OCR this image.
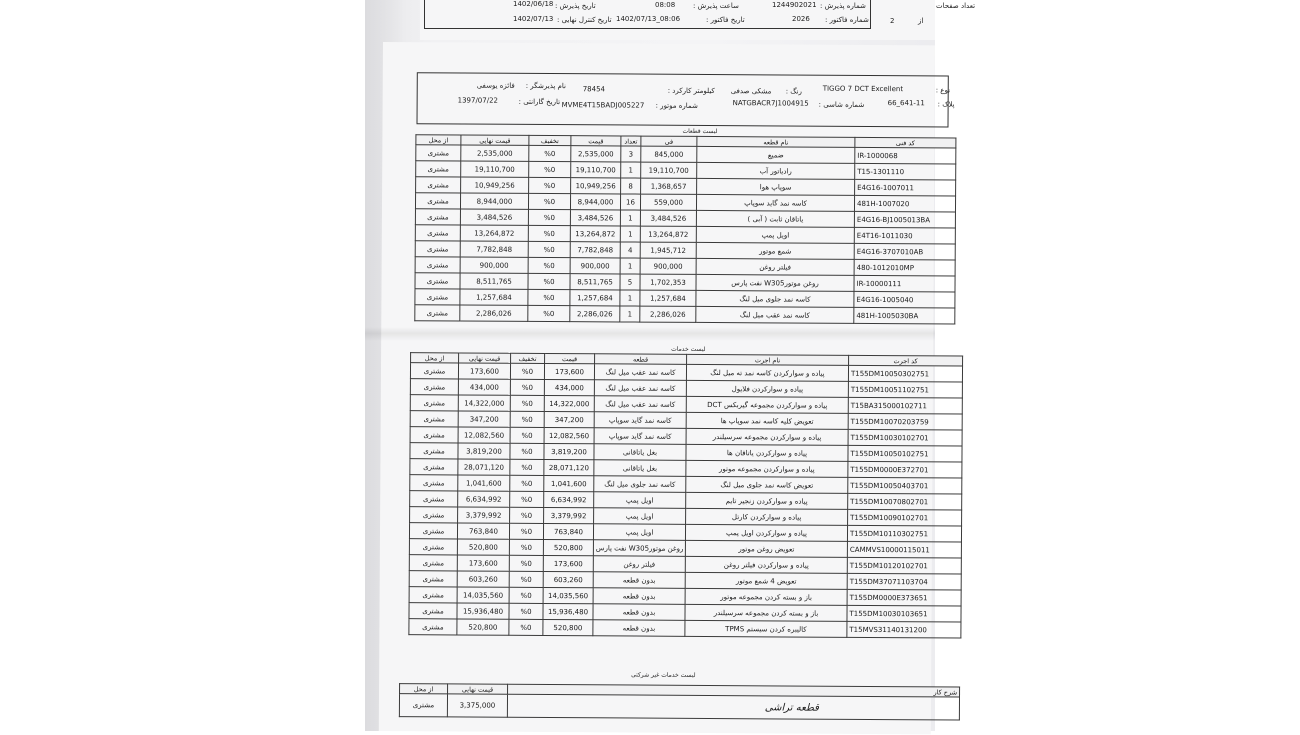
تعداد صفحات
از
2
شماره پذیرش :
1244902021
شماره فاکتور :
2026
ساعت پذیرش :
08:08
تاریخ فاکتور :
1402/07/13_08:06
تاریخ پذیرش :
1402/06/18
تاریخ کنترل نهایی :
1402/07/13
نوع :
TIGGO 7 DCT Excellent
رنگ :
مشکی صدفی
کیلومتر کارکرد :
78454
نام پذیرشگر :
فائزه یوسفی
پلاک :
66_641-11
شماره شاسی :
NATGBACR7J1004915
شماره موتور :
MVME4T15BADJ005227
تاریخ گارانتی :
1397/07/22
لیست قطعات
از محل	قیمت نهایی	تخفیف	قیمت	تعداد	فی	نام قطعه	کد فنی
مشتری	2,535,000	%0	2,535,000	3	845,000	ضمیع	IR-1000068
مشتری	19,110,700	%0	19,110,700	1	19,110,700	رادیاتور آب	T15-1301110
مشتری	10,949,256	%0	10,949,256	8	1,368,657	سوپاپ هوا	E4G16-1007011
مشتری	8,944,000	%0	8,944,000	16	559,000	کاسه نمد گاید سوپاپ	481H-1007020
مشتری	3,484,526	%0	3,484,526	1	3,484,526	یاتاقان ثابت ( آبی )	E4G16-BJ1005013BA
مشتری	13,264,872	%0	13,264,872	1	13,264,872	اویل پمپ	E4T16-1011030
مشتری	7,782,848	%0	7,782,848	4	1,945,712	شمع موتور	E4G16-3707010AB
مشتری	900,000	%0	900,000	1	900,000	فیلتر روغن	480-1012010MP
مشتری	8,511,765	%0	8,511,765	5	1,702,353	نفت پارس W30روغن موتور5	IR-10000111
مشتری	1,257,684	%0	1,257,684	1	1,257,684	کاسه نمد جلوی میل لنگ	E4G16-1005040
مشتری	2,286,026	%0	2,286,026	1	2,286,026	کاسه نمد عقب میل لنگ	481H-1005030BA
لیست خدمات
از محل	قیمت نهایی	تخفیف	قیمت	قطعه	نام اجرت	کد اجرت
مشتری	173,600	%0	173,600	کاسه نمد عقب میل لنگ	پیاده و سوارکردن کاسه نمد ته میل لنگ	T155DM10050302751
مشتری	434,000	%0	434,000	کاسه نمد عقب میل لنگ	پیاده و سوارکردن فلایول	T155DM10051102751
مشتری	14,322,000	%0	14,322,000	کاسه نمد عقب میل لنگ	DCT پیاده و سوارکردن مجموعه گیربکس	T15BA315000102711
مشتری	347,200	%0	347,200	کاسه نمد گاید سوپاپ	تعویض کلیه کاسه نمد سوپاپ ها	T155DM10070203759
مشتری	12,082,560	%0	12,082,560	کاسه نمد گاید سوپاپ	پیاده و سوارکردن مجموعه سرسیلندر	T155DM10030102701
مشتری	3,819,200	%0	3,819,200	بغل یاتاقانی	پیاده و سوارکردن یاتاقان ها	T155DM10050102751
مشتری	28,071,120	%0	28,071,120	بغل یاتاقانی	پیاده و سوارکردن مجموعه موتور	T155DM0000E372701
مشتری	1,041,600	%0	1,041,600	کاسه نمد جلوی میل لنگ	تعویض کاسه نمد جلوی میل لنگ	T155DM10050403701
مشتری	6,634,992	%0	6,634,992	اویل پمپ	پیاده و سوارکردن زنجیر تایم	T155DM10070802701
مشتری	3,379,992	%0	3,379,992	اویل پمپ	پیاده و سوارکردن کارتل	T155DM10090102701
مشتری	763,840	%0	763,840	اویل پمپ	پیاده و سوارکردن اویل پمپ	T155DM10110302751
مشتری	520,800	%0	520,800	نفت پارس W30روغن موتور5	تعویض روغن موتور	CAMMVS10000115011
مشتری	173,600	%0	173,600	فیلتر روغن	پیاده و سوارکردن فیلتر روغن	T155DM10120102701
مشتری	603,260	%0	603,260	بدون قطعه	تعویض 4 شمع موتور	T155DM37071103704
مشتری	14,035,560	%0	14,035,560	بدون قطعه	باز و بسته کردن مجموعه موتور	T155DM0000E373651
مشتری	15,936,480	%0	15,936,480	بدون قطعه	باز و بسته کردن مجموعه سرسیلندر	T155DM10030103651
مشتری	520,800	%0	520,800	بدون قطعه	TPMS کالیبره کردن سیستم	T15MVS31140131200
لیست خدمات غیر شرکتی
از محل	قیمت نهایی	شرح کار
مشتری	3,375,000	قطعه تراشی
